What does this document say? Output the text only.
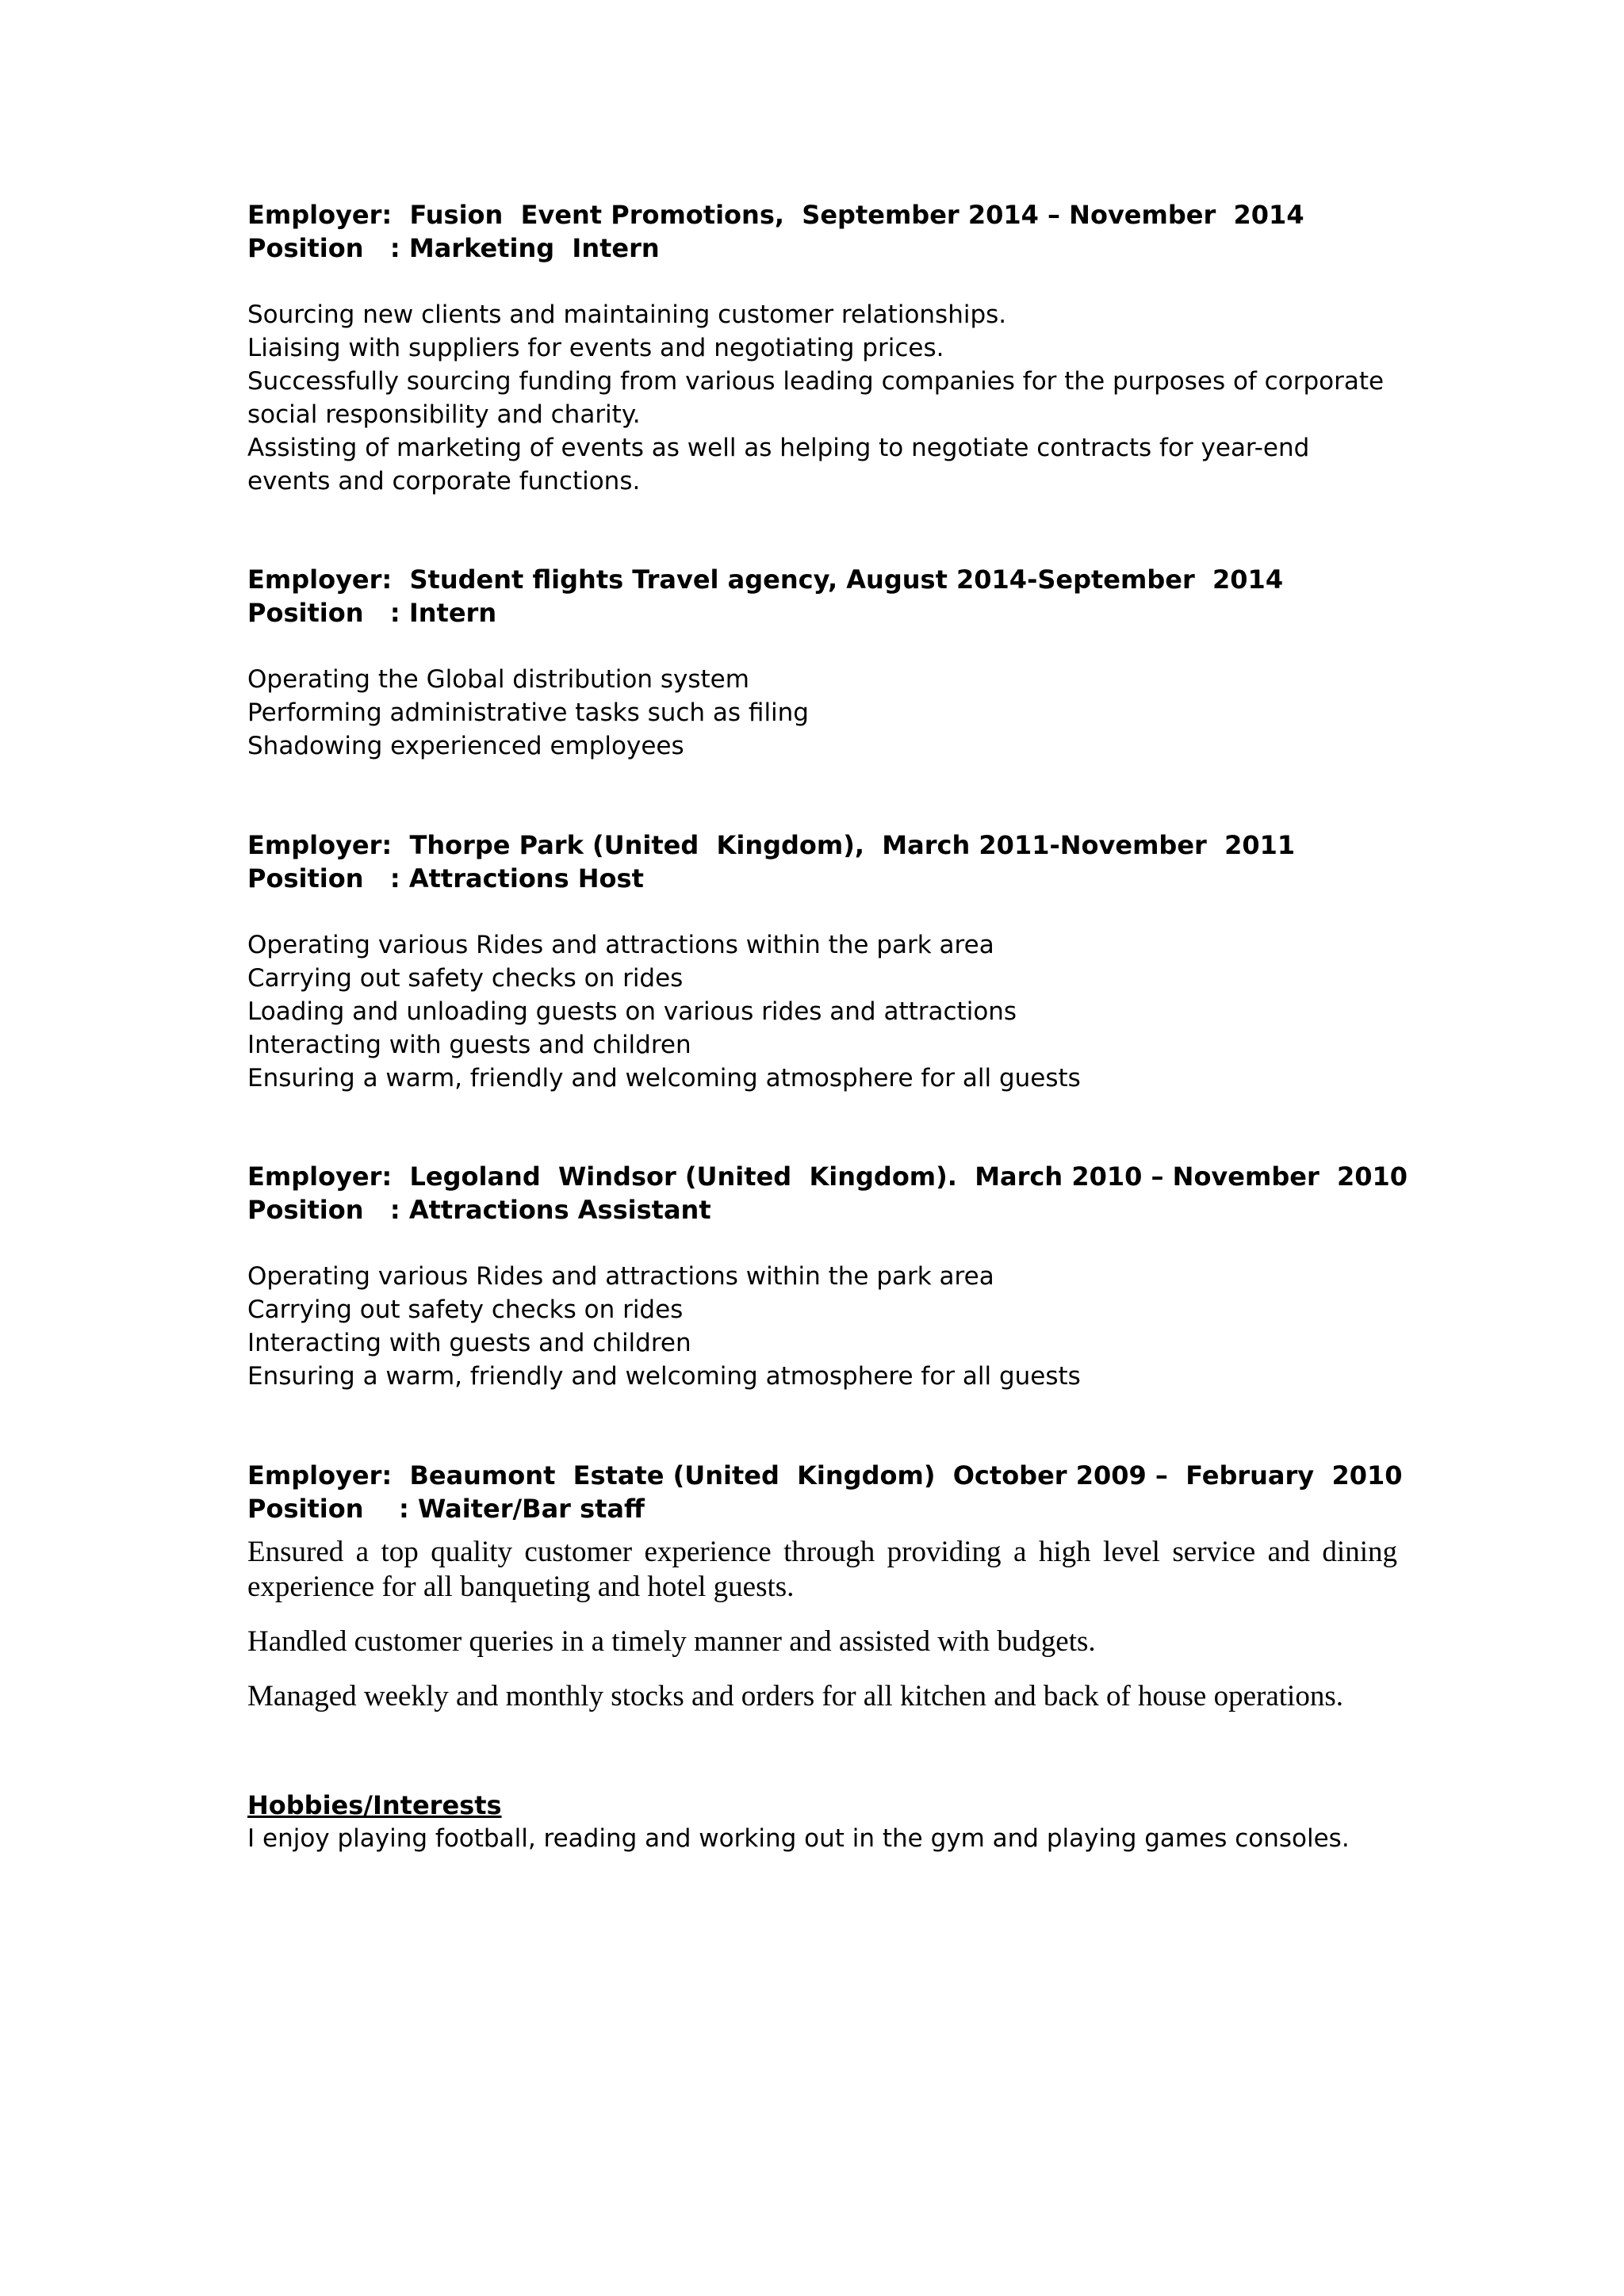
Employer:  Fusion  Event Promotions,  September 2014 – November  2014

Position   : Marketing  Intern

Sourcing new clients and maintaining customer relationships.

Liaising with suppliers for events and negotiating prices.

Successfully sourcing funding from various leading companies for the purposes of corporate social responsibility and charity.

Assisting of marketing of events as well as helping to negotiate contracts for year-end events and corporate functions.

Employer:  Student flights Travel agency, August 2014-September  2014

Position   : Intern

Operating the Global distribution system

Performing administrative tasks such as filing

Shadowing experienced employees

Employer:  Thorpe Park (United  Kingdom),  March 2011-November  2011

Position   : Attractions Host

Operating various Rides and attractions within the park area

Carrying out safety checks on rides

Loading and unloading guests on various rides and attractions

Interacting with guests and children

Ensuring a warm, friendly and welcoming atmosphere for all guests

Employer:  Legoland  Windsor (United  Kingdom).  March 2010 – November  2010

Position   : Attractions Assistant

Operating various Rides and attractions within the park area

Carrying out safety checks on rides

Interacting with guests and children

Ensuring a warm, friendly and welcoming atmosphere for all guests

Employer:  Beaumont  Estate (United  Kingdom)  October 2009 –  February  2010

Position    : Waiter/Bar staff

Ensured a top quality customer experience through providing a high level service and dining experience for all banqueting and hotel guests.

Handled customer queries in a timely manner and assisted with budgets.

Managed weekly and monthly stocks and orders for all kitchen and back of house operations.

Hobbies/Interests

I enjoy playing football, reading and working out in the gym and playing games consoles.
